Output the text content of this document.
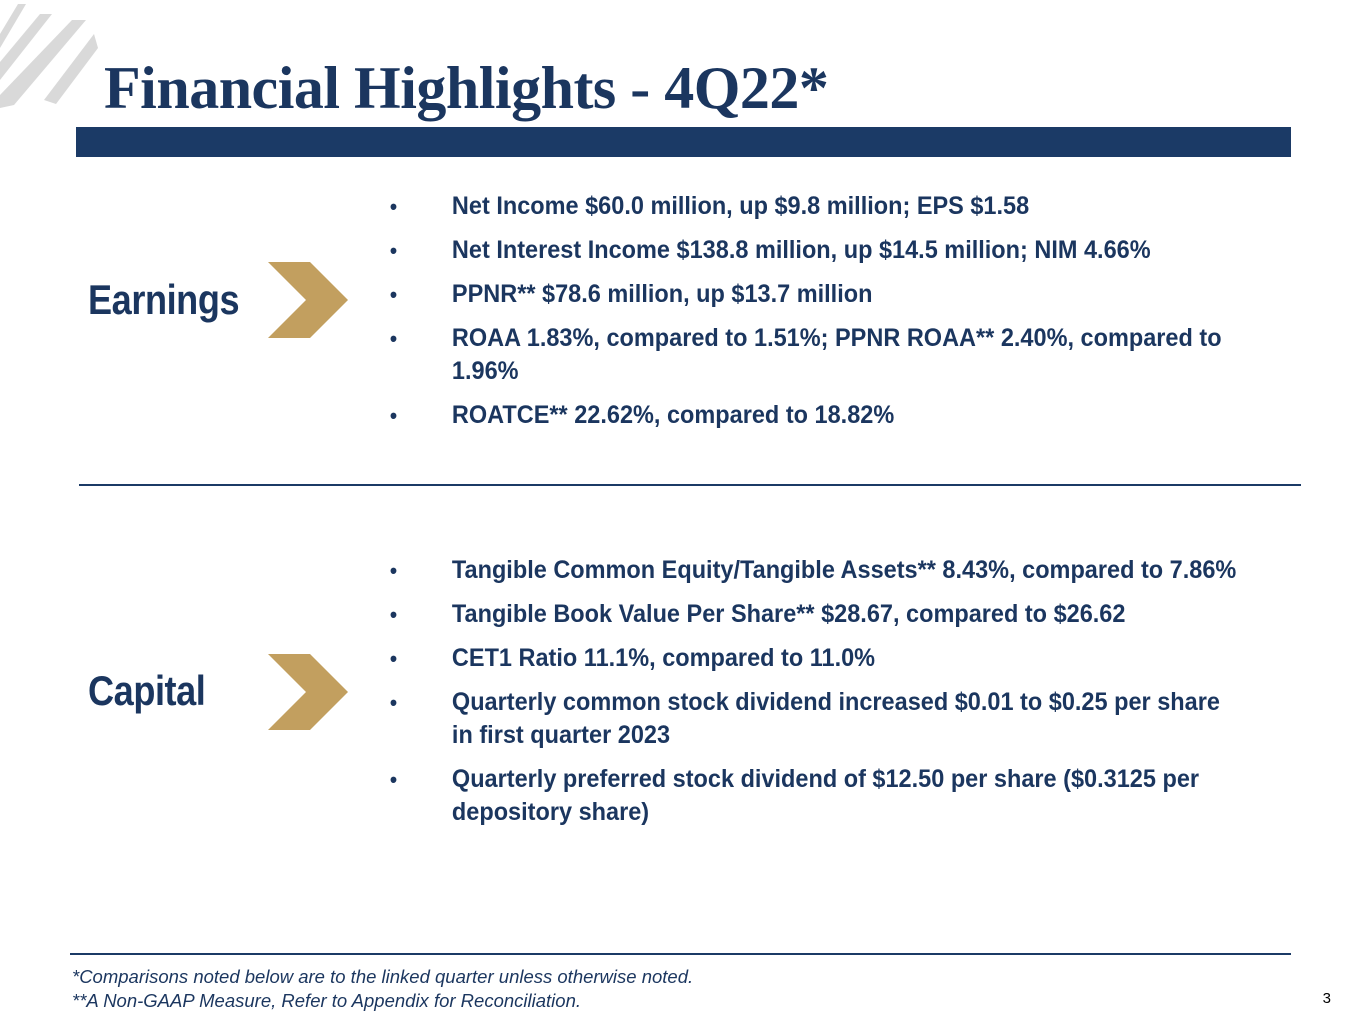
Financial Highlights - 4Q22*
Earnings
• Net Income $60.0 million, up $9.8 million; EPS $1.58
• Net Interest Income $138.8 million, up $14.5 million; NIM 4.66%
• PPNR** $78.6 million, up $13.7 million
• ROAA 1.83%, compared to 1.51%; PPNR ROAA** 2.40%, compared to 1.96%
• ROATCE** 22.62%, compared to 18.82%
Capital
• Tangible Common Equity/Tangible Assets** 8.43%, compared to 7.86%
• Tangible Book Value Per Share** $28.67, compared to $26.62
• CET1 Ratio 11.1%, compared to 11.0%
• Quarterly common stock dividend increased $0.01 to $0.25 per share in first quarter 2023
• Quarterly preferred stock dividend of $12.50 per share ($0.3125 per depository share)
*Comparisons noted below are to the linked quarter unless otherwise noted.
**A Non-GAAP Measure, Refer to Appendix for Reconciliation.	3
